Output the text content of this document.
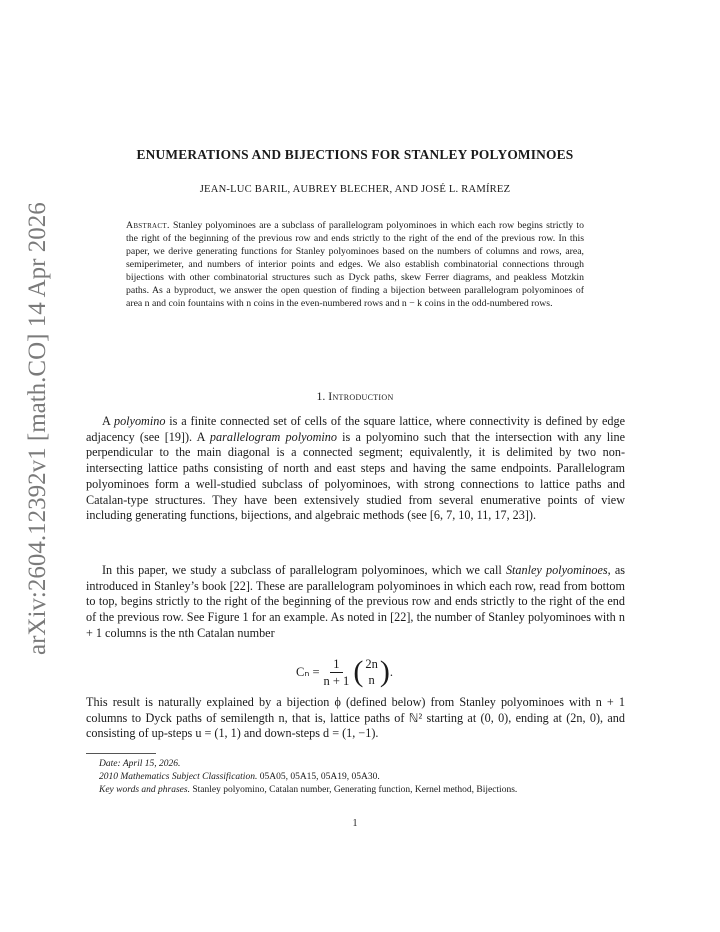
arXiv:2604.12392v1 [math.CO] 14 Apr 2026
ENUMERATIONS AND BIJECTIONS FOR STANLEY POLYOMINOES
JEAN-LUC BARIL, AUBREY BLECHER, AND JOSÉ L. RAMÍREZ
Abstract. Stanley polyominoes are a subclass of parallelogram polyominoes in which each row begins strictly to the right of the beginning of the previous row and ends strictly to the right of the end of the previous row. In this paper, we derive generating functions for Stanley polyominoes based on the numbers of columns and rows, area, semiperimeter, and numbers of interior points and edges. We also establish combinatorial connections through bijections with other combinatorial structures such as Dyck paths, skew Ferrer diagrams, and peakless Motzkin paths. As a byproduct, we answer the open question of finding a bijection between parallelogram polyominoes of area n and coin fountains with n coins in the even-numbered rows and n − k coins in the odd-numbered rows.
1. Introduction

A polyomino is a finite connected set of cells of the square lattice, where connectivity is defined by edge adjacency (see [19]). A parallelogram polyomino is a polyomino such that the intersection with any line perpendicular to the main diagonal is a connected segment; equivalently, it is delimited by two non-intersecting lattice paths consisting of north and east steps and having the same endpoints. Parallelogram polyominoes form a well-studied subclass of polyominoes, with strong connections to lattice paths and Catalan-type structures. They have been extensively studied from several enumerative points of view including generating functions, bijections, and algebraic methods (see [6, 7, 10, 11, 17, 23]).

In this paper, we study a subclass of parallelogram polyominoes, which we call Stanley polyominoes, as introduced in Stanley’s book [22]. These are parallelogram polyominoes in which each row, read from bottom to top, begins strictly to the right of the beginning of the previous row and ends strictly to the right of the end of the previous row. See Figure 1 for an example. As noted in [22], the number of Stanley polyominoes with n + 1 columns is the nth Catalan number

$C_n = \frac{1}{n + 1}$ ( 2n
n ) .

This result is naturally explained by a bijection ϕ (defined below) from Stanley polyominoes with n + 1 columns to Dyck paths of semilength n, that is, lattice paths of ℕ² starting at (0, 0), ending at (2n, 0), and consisting of up-steps u = (1, 1) and down-steps d = (1, −1).

Date: April 15, 2026.

2010 Mathematics Subject Classification. 05A05, 05A15, 05A19, 05A30.

Key words and phrases. Stanley polyomino, Catalan number, Generating function, Kernel method, Bijections.

1
